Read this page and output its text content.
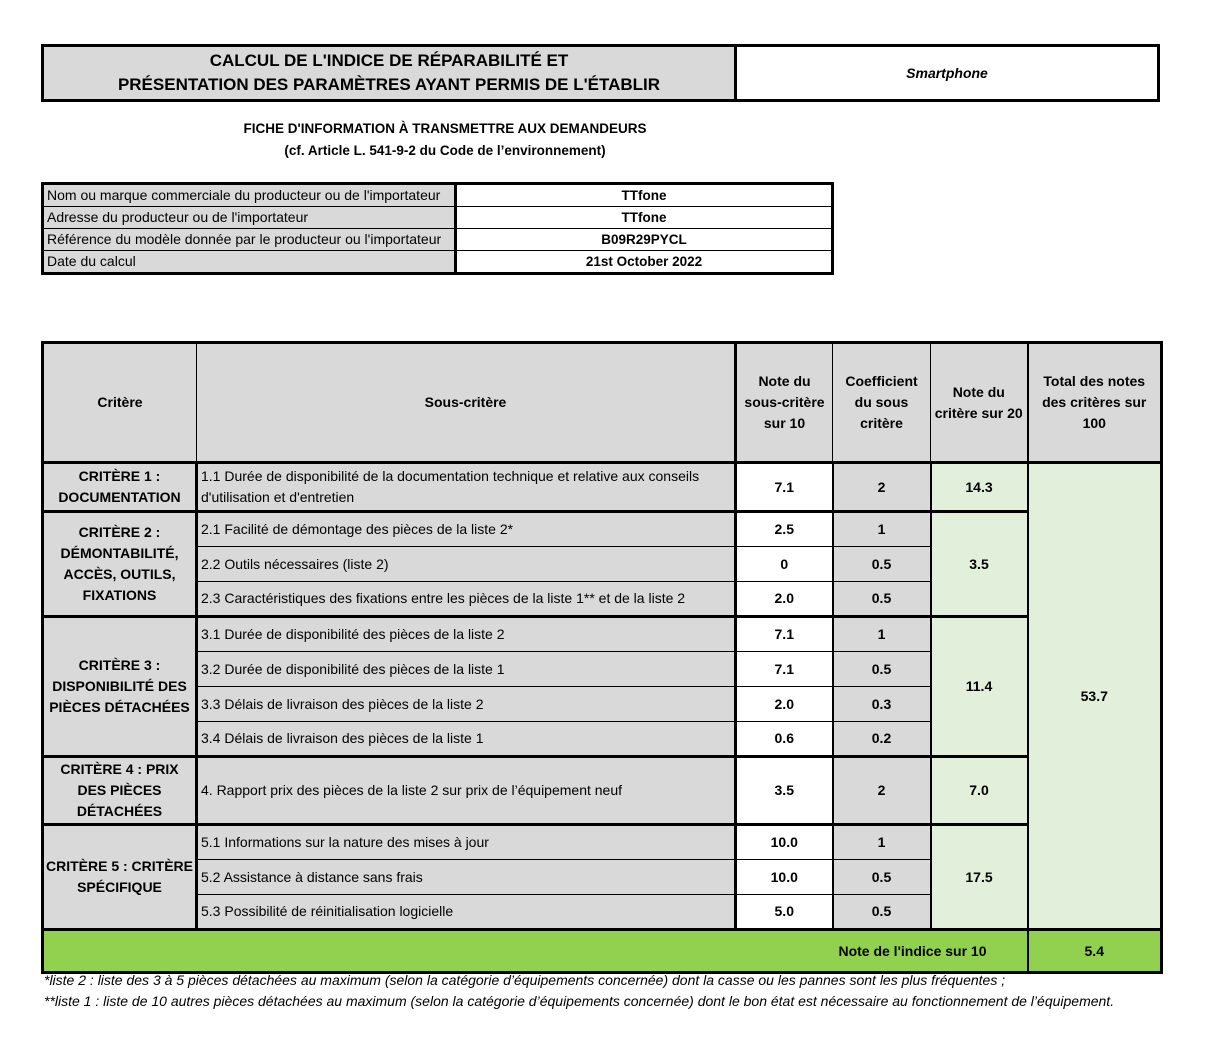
CALCUL DE L'INDICE DE RÉPARABILITÉ ET
PRÉSENTATION DES PARAMÈTRES AYANT PERMIS DE L'ÉTABLIR
Smartphone
FICHE D'INFORMATION À TRANSMETTRE AUX DEMANDEURS
(cf. Article L. 541-9-2 du Code de l’environnement)
Nom ou marque commerciale du producteur ou de l'importateur	TTfone
Adresse du producteur ou de l'importateur	TTfone
Référence du modèle donnée par le producteur ou l'importateur	B09R29PYCL
Date du calcul	21st October 2022
Critère	Sous-critère	Note du sous-critère sur 10	Coefficient du sous critère	Note du critère sur 20	Total des notes des critères sur 100
CRITÈRE 1 : DOCUMENTATION	1.1 Durée de disponibilité de la documentation technique et relative aux conseils d'utilisation et d'entretien	7.1	2	14.3	53.7
CRITÈRE 2 : DÉMONTABILITÉ, ACCÈS, OUTILS, FIXATIONS	2.1 Facilité de démontage des pièces de la liste 2*	2.5	1	3.5	
	2.2 Outils nécessaires (liste 2)	0	0.5		
	2.3 Caractéristiques des fixations entre les pièces de la liste 1** et de la liste 2	2.0	0.5		
CRITÈRE 3 : DISPONIBILITÉ DES PIÈCES DÉTACHÉES	3.1 Durée de disponibilité des pièces de la liste 2	7.1	1	11.4	
	3.2 Durée de disponibilité des pièces de la liste 1	7.1	0.5		
	3.3 Délais de livraison des pièces de la liste 2	2.0	0.3		
	3.4 Délais de livraison des pièces de la liste 1	0.6	0.2		
CRITÈRE 4 : PRIX DES PIÈCES DÉTACHÉES	4. Rapport prix des pièces de la liste 2 sur prix de l’équipement neuf	3.5	2	7.0	
CRITÈRE 5 : CRITÈRE SPÉCIFIQUE	5.1 Informations sur la nature des mises à jour	10.0	1	17.5	
	5.2 Assistance à distance sans frais	10.0	0.5		
	5.3 Possibilité de réinitialisation logicielle	5.0	0.5		
Note de l'indice sur 10					5.4
*liste 2 : liste des 3 à 5 pièces détachées au maximum (selon la catégorie d’équipements concernée) dont la casse ou les pannes sont les plus fréquentes ;
**liste 1 : liste de 10 autres pièces détachées au maximum (selon la catégorie d’équipements concernée) dont le bon état est nécessaire au fonctionnement de l’équipement.
